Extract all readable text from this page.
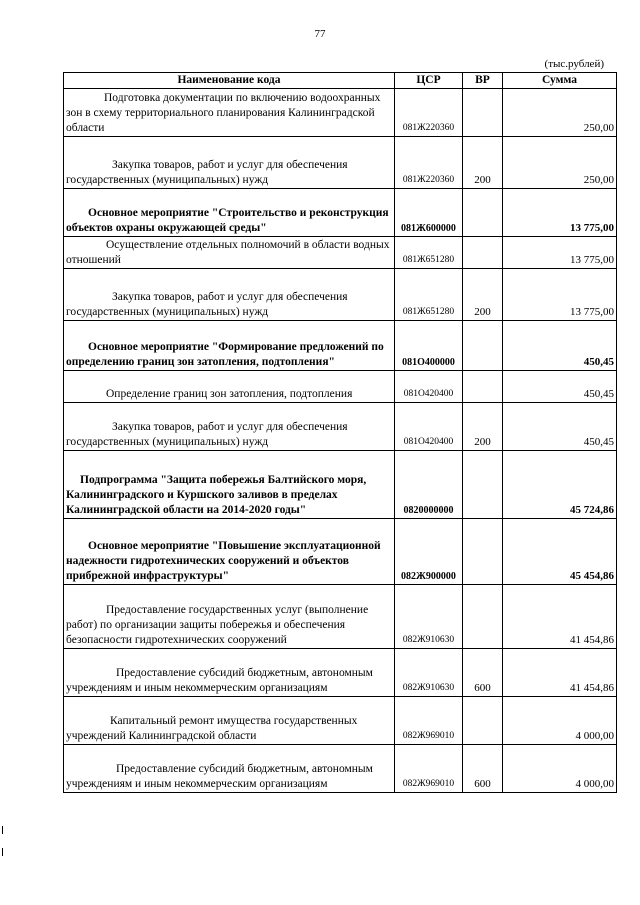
77
(тыс.рублей)
Наименование кода	ЦСР	ВР	Сумма
Подготовка документации по включению водоохранных зон в схему территориального планирования Калининградской области	081Ж220360		250,00
Закупка товаров, работ и услуг для обеспечения государственных (муниципальных) нужд	081Ж220360	200	250,00
Основное мероприятие "Строительство и реконструкция объектов охраны окружающей среды"	081Ж600000		13 775,00
Осуществление отдельных полномочий в области водных отношений	081Ж651280		13 775,00
Закупка товаров, работ и услуг для обеспечения государственных (муниципальных) нужд	081Ж651280	200	13 775,00
Основное мероприятие "Формирование предложений по определению границ зон затопления, подтопления"	081О400000		450,45
Определение границ зон затопления, подтопления	081О420400		450,45
Закупка товаров, работ и услуг для обеспечения государственных (муниципальных) нужд	081О420400	200	450,45
Подпрограмма "Защита побережья Балтийского моря, Калининградского и Куршского заливов в пределах Калининградской области на 2014-2020 годы"	0820000000		45 724,86
Основное мероприятие "Повышение эксплуатационной надежности гидротехнических сооружений и объектов прибрежной инфраструктуры"	082Ж900000		45 454,86
Предоставление государственных услуг (выполнение работ) по организации защиты побережья и обеспечения безопасности гидротехнических сооружений	082Ж910630		41 454,86
Предоставление субсидий бюджетным, автономным учреждениям и иным некоммерческим организациям	082Ж910630	600	41 454,86
Капитальный ремонт имущества государственных учреждений Калининградской области	082Ж969010		4 000,00
Предоставление субсидий бюджетным, автономным учреждениям и иным некоммерческим организациям	082Ж969010	600	4 000,00
